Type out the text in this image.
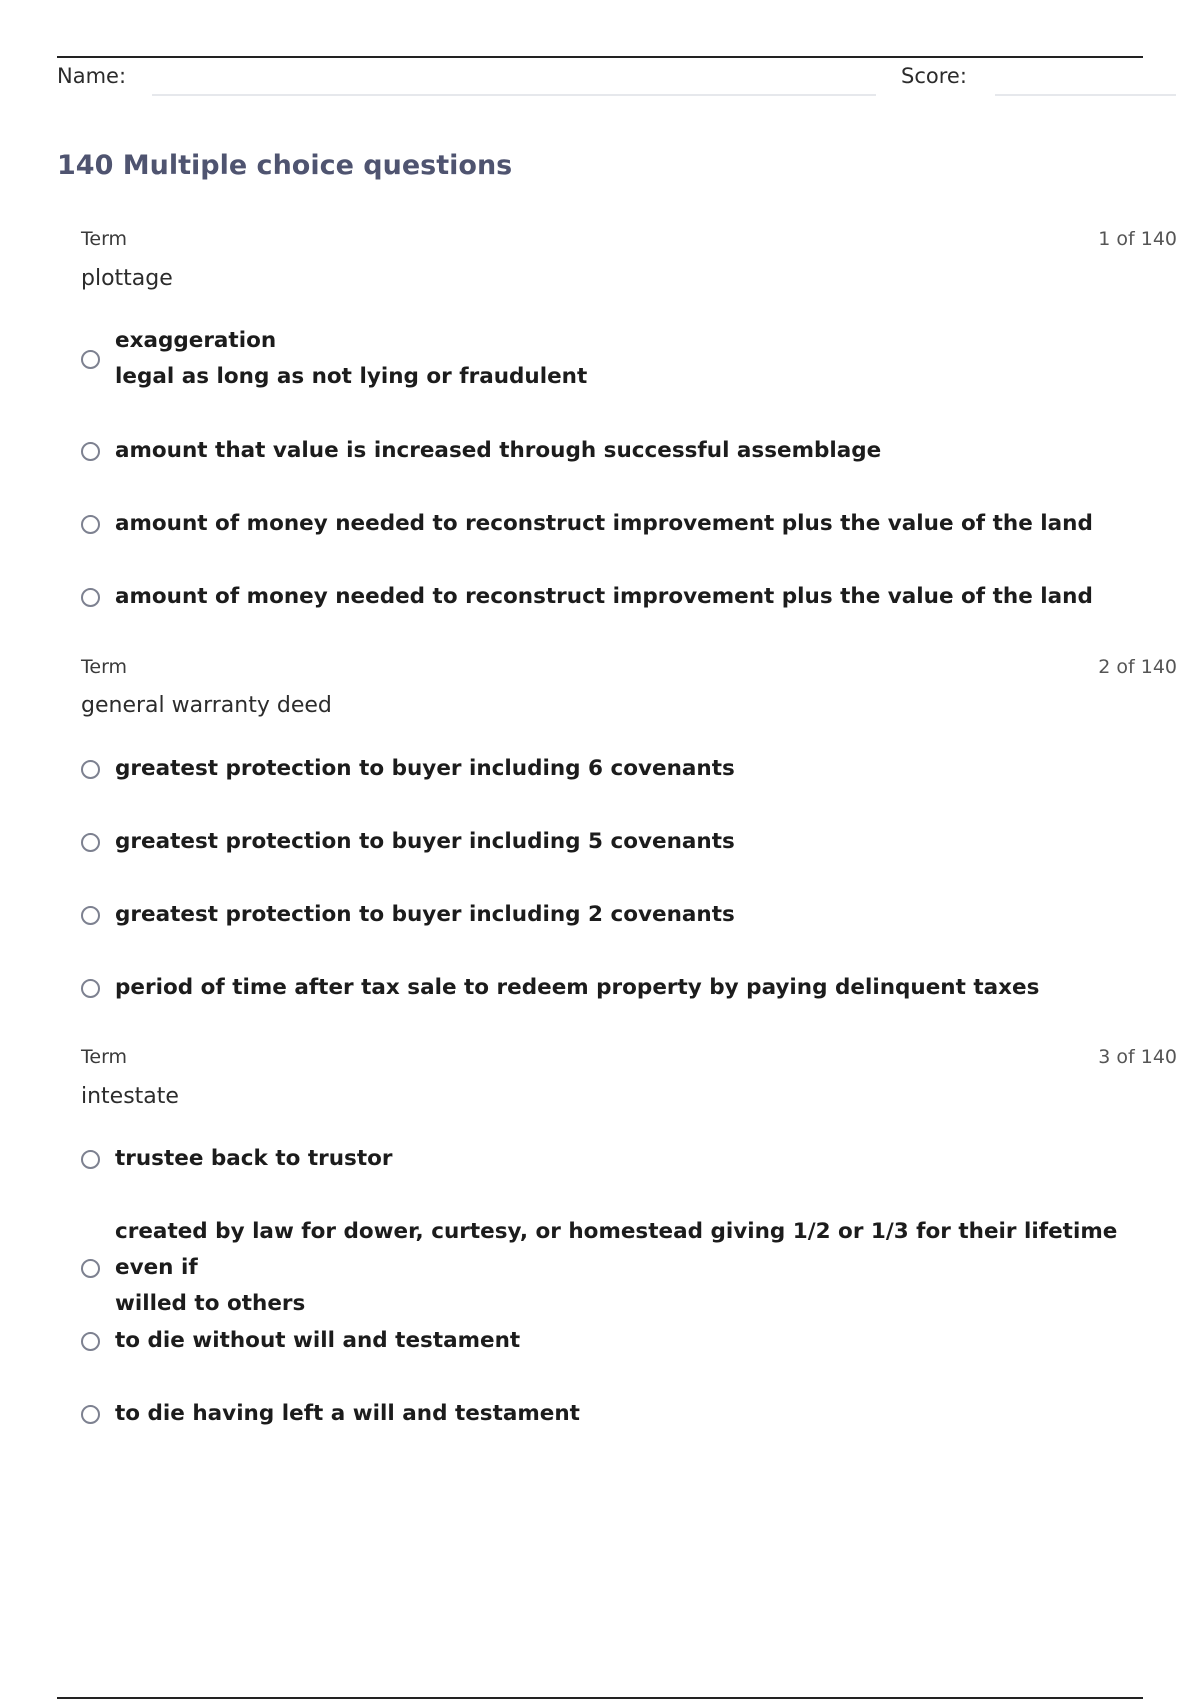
Name:	Score:
140 Multiple choice questions
Term	1 of 140
plottage
exaggeration
legal as long as not lying or fraudulent
amount that value is increased through successful assemblage
amount of money needed to reconstruct improvement plus the value of the land
amount of money needed to reconstruct improvement plus the value of the land
Term	2 of 140
general warranty deed
greatest protection to buyer including 6 covenants
greatest protection to buyer including 5 covenants
greatest protection to buyer including 2 covenants
period of time after tax sale to redeem property by paying delinquent taxes
Term	3 of 140
intestate
trustee back to trustor
created by law for dower, curtesy, or homestead giving 1/2 or 1/3 for their lifetime even if
willed to others
to die without will and testament
to die having left a will and testament
